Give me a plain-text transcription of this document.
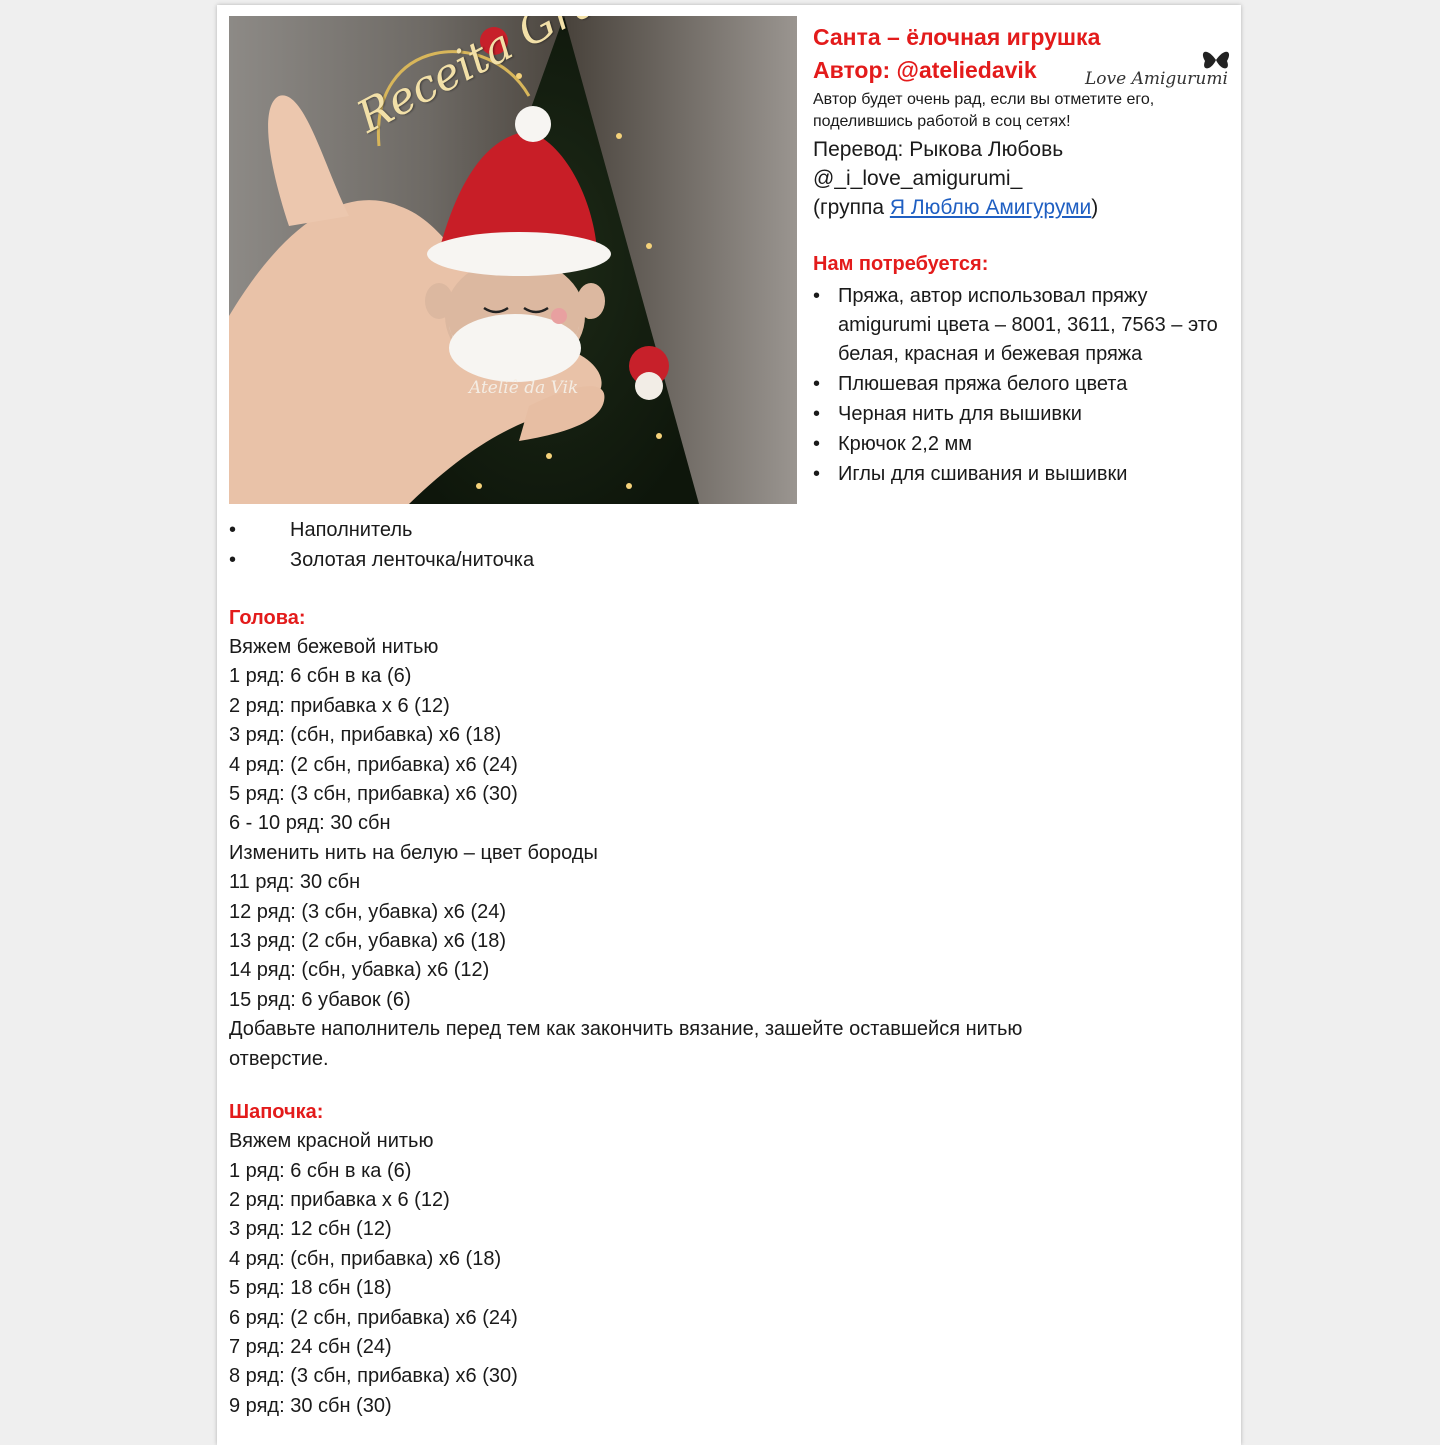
Ateliê da Vik
Love Amigurumi
Санта – ёлочная игрушка
Автор: @ateliedavik
Автор будет очень рад, если вы отметите его, поделившись работой в соц сетях!
Перевод: Рыкова Любовь
@_i_love_amigurumi_
(группа Я Люблю Амигуруми)
Нам потребуется:
• Пряжа, автор использовал пряжу amigurumi цвета – 8001, 3611, 7563 – это белая, красная и бежевая пряжа
• Плюшевая пряжа белого цвета
• Черная нить для вышивки
• Крючок 2,2 мм
• Иглы для сшивания и вышивки
•	Наполнитель
•	Золотая ленточка/ниточка
Голова:
Вяжем бежевой нитью
1 ряд: 6 сбн в ка (6)
2 ряд: прибавка х 6 (12)
3 ряд: (сбн, прибавка) х6 (18)
4 ряд: (2 сбн, прибавка) х6 (24)
5 ряд: (3 сбн, прибавка) х6 (30)
6 - 10 ряд: 30 сбн
Изменить нить на белую – цвет бороды
11 ряд: 30 сбн
12 ряд: (3 сбн, убавка) х6 (24)
13 ряд: (2 сбн, убавка) х6 (18)
14 ряд: (сбн, убавка) х6 (12)
15 ряд: 6 убавок (6)
Добавьте наполнитель перед тем как закончить вязание, зашейте оставшейся нитью
отверстие.
Шапочка:
Вяжем красной нитью
1 ряд: 6 сбн в ка (6)
2 ряд: прибавка х 6 (12)
3 ряд: 12 сбн (12)
4 ряд: (сбн, прибавка) х6 (18)
5 ряд: 18 сбн (18)
6 ряд: (2 сбн, прибавка) х6 (24)
7 ряд: 24 сбн (24)
8 ряд: (3 сбн, прибавка) х6 (30)
9 ряд: 30 сбн (30)
